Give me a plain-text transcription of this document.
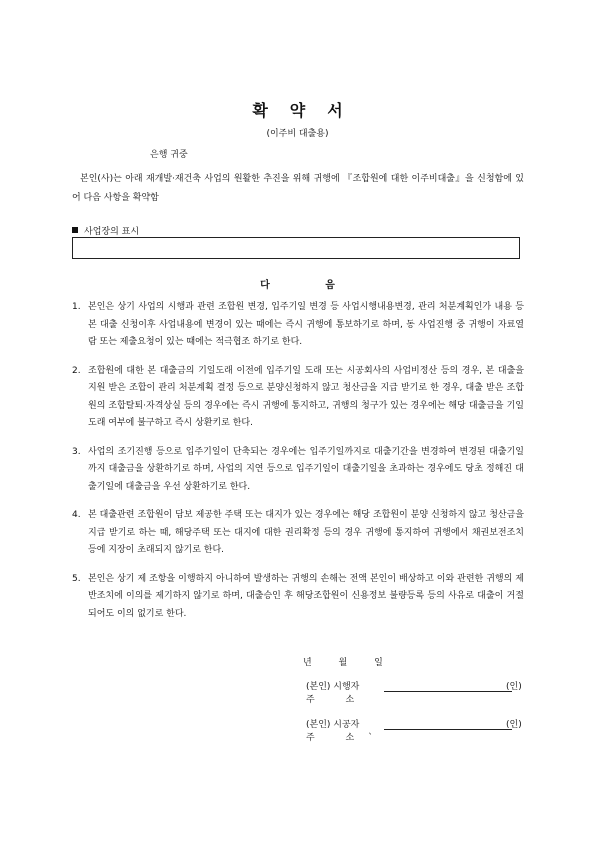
확약서
(이주비 대출용)
은행 귀중
본인(사)는 아래 재개발·재건축 사업의 원활한 추진을 위해 귀행에 『조합원에 대한 이주비대출』을 신청함에 있어 다음 사항을 확약함
사업장의 표시
다 음
1. 본인은 상기 사업의 시행과 관련 조합원 변경, 입주기일 변경 등 사업시행내용변경, 관리 처분계획인가 내용 등 본 대출 신청이후 사업내용에 변경이 있는 때에는 즉시 귀행에 통보하기로 하며, 동 사업진행 중 귀행이 자료열람 또는 제출요청이 있는 때에는 적극협조 하기로 한다.
2. 조합원에 대한 본 대출금의 기일도래 이전에 입주기일 도래 또는 시공회사의 사업비정산 등의 경우, 본 대출을 지원 받은 조합이 관리 처분계획 결정 등으로 분양신청하지 않고 청산금을 지급 받기로 한 경우, 대출 받은 조합원의 조합탈퇴·자격상실 등의 경우에는 즉시 귀행에 통지하고, 귀행의 청구가 있는 경우에는 해당 대출금을 기일도래 여부에 불구하고 즉시 상환키로 한다.
3. 사업의 조기진행 등으로 입주기일이 단축되는 경우에는 입주기일까지로 대출기간을 변경하여 변경된 대출기일까지 대출금을 상환하기로 하며, 사업의 지연 등으로 입주기일이 대출기일을 초과하는 경우에도 당초 정해진 대출기일에 대출금을 우선 상환하기로 한다.
4. 본 대출관련 조합원이 담보 제공한 주택 또는 대지가 있는 경우에는 해당 조합원이 분양 신청하지 않고 청산금을 지급 받기로 하는 때, 해당주택 또는 대지에 대한 권리확정 등의 경우 귀행에 통지하여 귀행에서 채권보전조치 등에 지장이 초래되지 않기로 한다.
5. 본인은 상기 제 조항을 이행하지 아니하여 발생하는 귀행의 손해는 전액 본인이 배상하고 이와 관련한 귀행의 제반조치에 이의를 제기하지 않기로 하며, 대출승인 후 해당조합원이 신용정보 불량등록 등의 사유로 대출이 거절되어도 이의 없기로 한다.
년 월 일
(본인) 시행자	(인)
주 소
(본인) 시공자	(인)
주 소`
